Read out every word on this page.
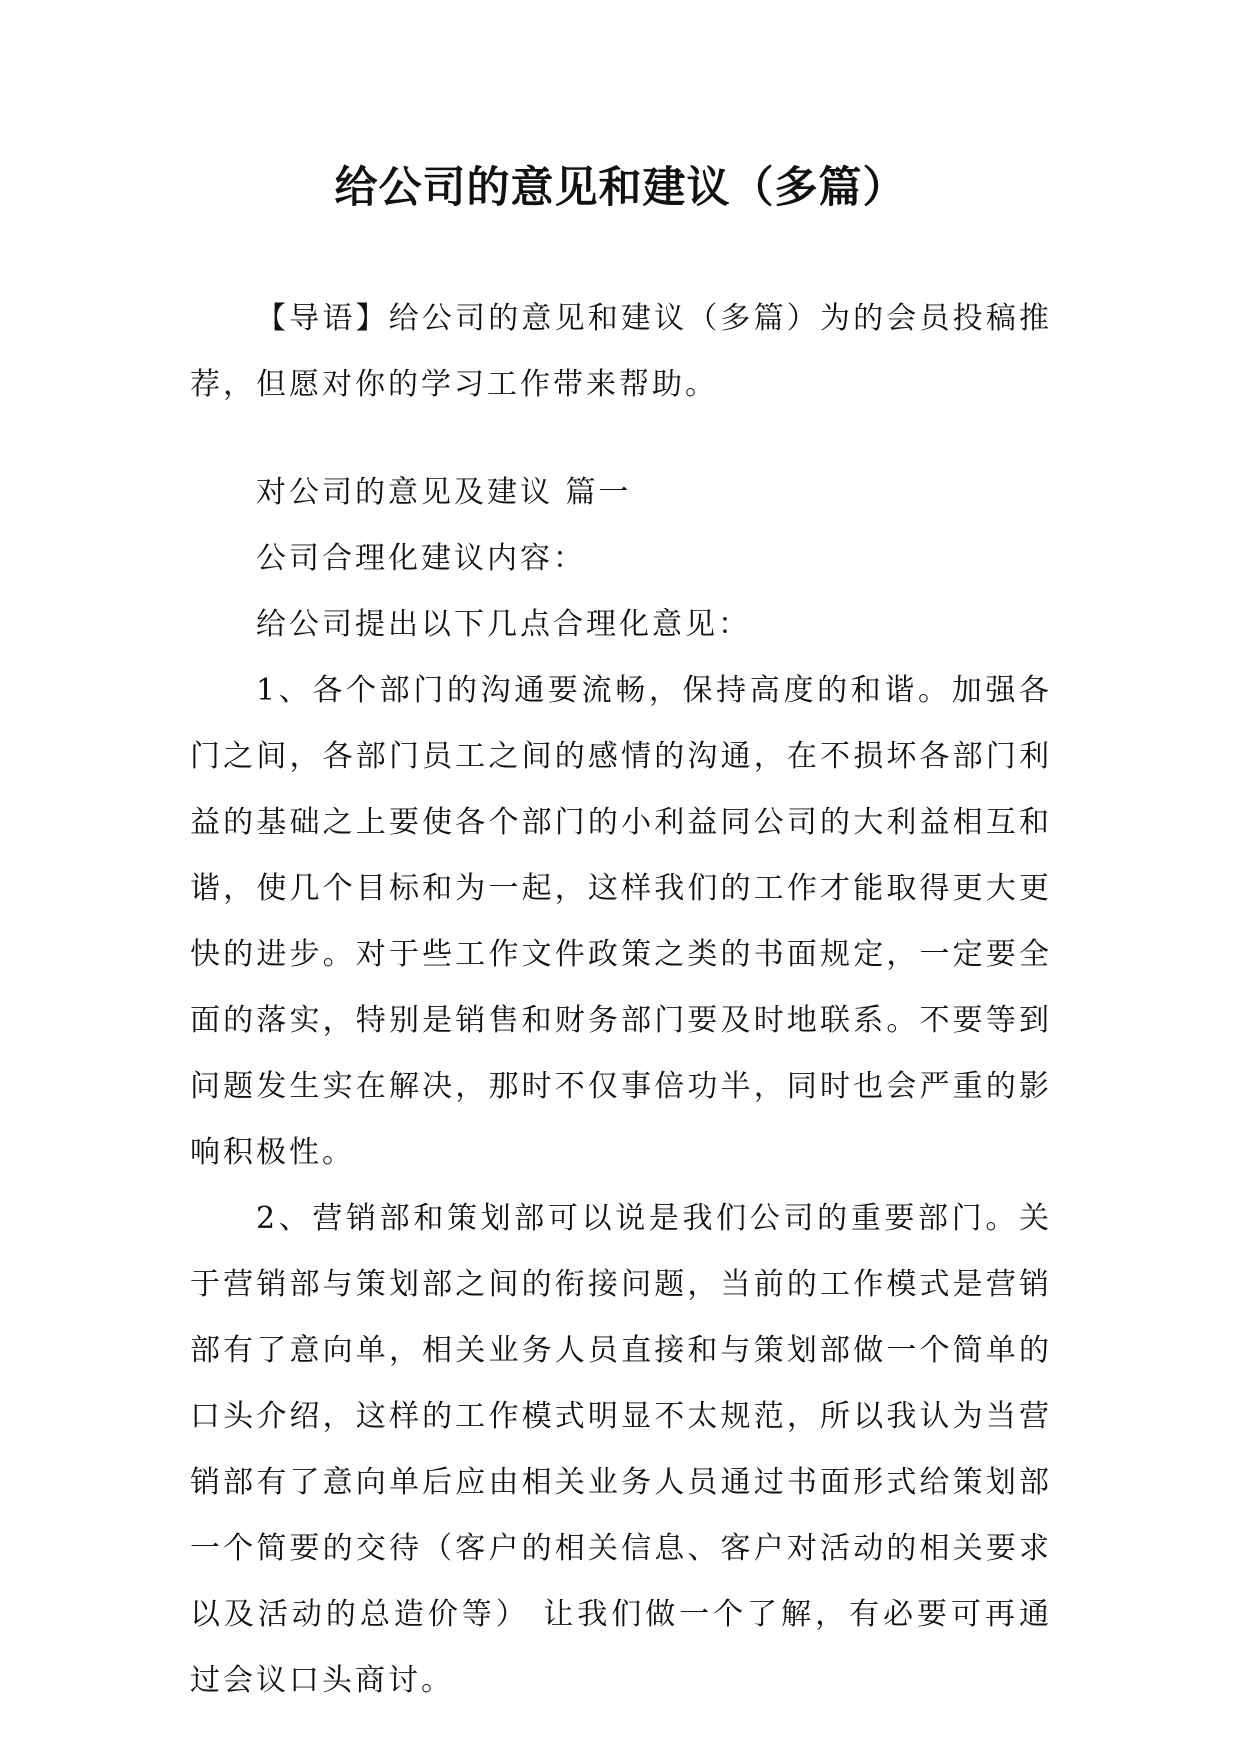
给公司的意见和建议（多篇）

【导语】给公司的意见和建议（多篇）为的会员投稿推荐，但愿对你的学习工作带来帮助。

对公司的意见及建议 篇一

公司合理化建议内容：

给公司提出以下几点合理化意见：

1、各个部门的沟通要流畅，保持高度的和谐。加强各门之间，各部门员工之间的感情的沟通，在不损坏各部门利益的基础之上要使各个部门的小利益同公司的大利益相互和谐，使几个目标和为一起，这样我们的工作才能取得更大更快的进步。对于些工作文件政策之类的书面规定，一定要全面的落实，特别是销售和财务部门要及时地联系。不要等到问题发生实在解决，那时不仅事倍功半，同时也会严重的影响积极性。

2、营销部和策划部可以说是我们公司的重要部门。关于营销部与策划部之间的衔接问题，当前的工作模式是营销部有了意向单，相关业务人员直接和与策划部做一个简单的口头介绍，这样的工作模式明显不太规范，所以我认为当营销部有了意向单后应由相关业务人员通过书面形式给策划部一个简要的交待（客户的相关信息、客户对活动的相关要求以及活动的总造价等） 让我们做一个了解，有必要可再通过会议口头商讨。
